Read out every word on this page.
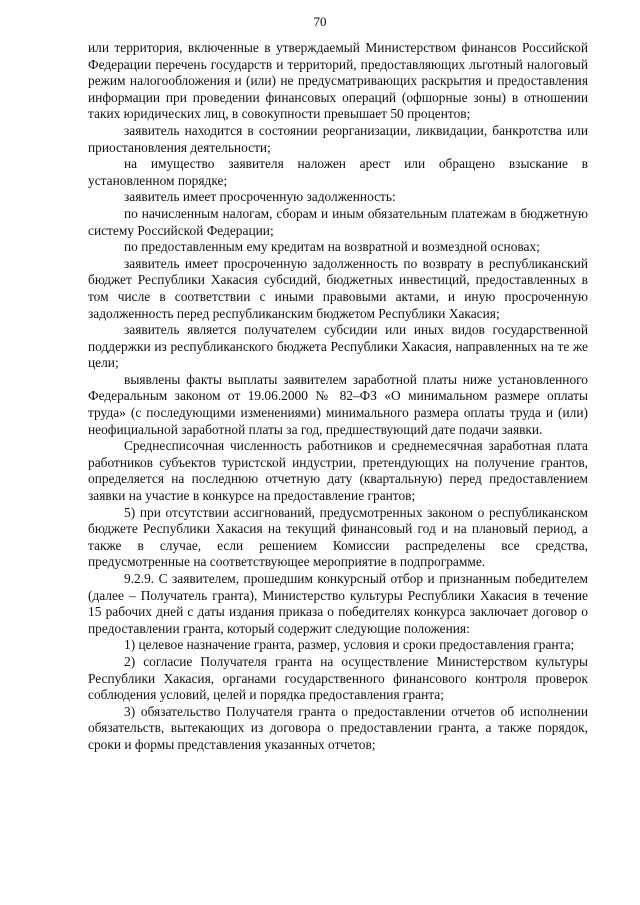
70

или территория, включенные в утверждаемый Министерством финансов Российской Федерации перечень государств и территорий, предоставляющих льготный налоговый режим налогообложения и (или) не предусматривающих раскрытия и предоставления информации при проведении финансовых операций (офшорные зоны) в отношении таких юридических лиц, в совокупности превышает 50 процентов;

заявитель находится в состоянии реорганизации, ликвидации, банкротства или приостановления деятельности;

на имущество заявителя наложен арест или обращено взыскание в установленном порядке;

заявитель имеет просроченную задолженность:

по начисленным налогам, сборам и иным обязательным платежам в бюджетную систему Российской Федерации;

по предоставленным ему кредитам на возвратной и возмездной основах;

заявитель имеет просроченную задолженность по возврату в республиканский бюджет Республики Хакасия субсидий, бюджетных инвестиций, предоставленных в том числе в соответствии с иными правовыми актами, и иную просроченную задолженность перед республиканским бюджетом Республики Хакасия;

заявитель является получателем субсидии или иных видов государственной поддержки из республиканского бюджета Республики Хакасия, направленных на те же цели;

выявлены факты выплаты заявителем заработной платы ниже установленного Федеральным законом от 19.06.2000 № 82–ФЗ «О минимальном размере оплаты труда» (с последующими изменениями) минимального размера оплаты труда и (или) неофициальной заработной платы за год, предшествующий дате подачи заявки.

Среднесписочная численность работников и среднемесячная заработная плата работников субъектов туристской индустрии, претендующих на получение грантов, определяется на последнюю отчетную дату (квартальную) перед предоставлением заявки на участие в конкурсе на предоставление грантов;

5) при отсутствии ассигнований, предусмотренных законом о республиканском бюджете Республики Хакасия на текущий финансовый год и на плановый период, а также в случае, если решением Комиссии распределены все средства, предусмотренные на соответствующее мероприятие в подпрограмме.

9.2.9. С заявителем, прошедшим конкурсный отбор и признанным победителем (далее – Получатель гранта), Министерство культуры Республики Хакасия в течение 15 рабочих дней с даты издания приказа о победителях конкурса заключает договор о предоставлении гранта, который содержит следующие положения:

1) целевое назначение гранта, размер, условия и сроки предоставления гранта;

2) согласие Получателя гранта на осуществление Министерством культуры Республики Хакасия, органами государственного финансового контроля проверок соблюдения условий, целей и порядка предоставления гранта;

3) обязательство Получателя гранта о предоставлении отчетов об исполнении обязательств, вытекающих из договора о предоставлении гранта, а также порядок, сроки и формы представления указанных отчетов;
